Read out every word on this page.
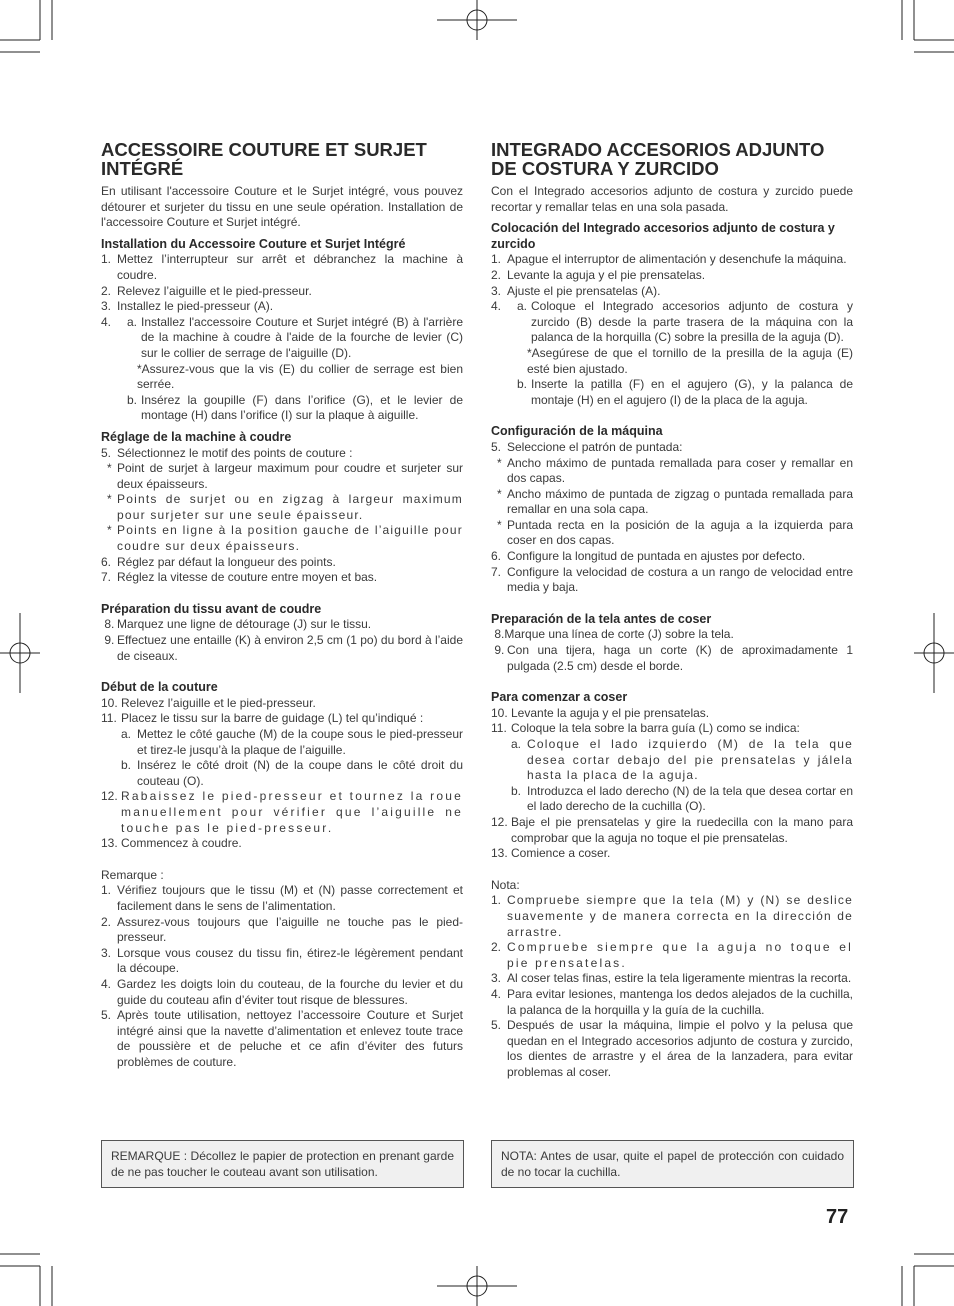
ACCESSOIRE COUTURE ET SURJET INTÉGRÉ

En utilisant l'accessoire Couture et le Surjet intégré, vous pouvez détourer et surjeter du tissu en une seule opération. Installation de l'accessoire Couture et Surjet intégré.

Installation du Accessoire Couture et Surjet Intégré
1. Mettez l’interrupteur sur arrêt et débranchez la machine à coudre.
2. Relevez l’aiguille et le pied-presseur.
3. Installez le pied-presseur (A).
4.	a. Installez l'accessoire Couture et Surjet intégré (B) à l'arrière de la machine à coudre à l'aide de la fourche de levier (C) sur le collier de serrage de l'aiguille (D).
*Assurez-vous que la vis (E) du collier de serrage est bien serrée.
b. Insérez la goupille (F) dans l’orifice (G), et le levier de montage (H) dans l’orifice (I) sur la plaque à aiguille.
Réglage de la machine à coudre
5. Sélectionnez le motif des points de couture :
* Point de surjet à largeur maximum pour coudre et surjeter sur deux épaisseurs.
* Points de surjet ou en zigzag à largeur maximum pour surjeter sur une seule épaisseur.
* Points en ligne à la position gauche de l’aiguille pour coudre sur deux épaisseurs.
6. Réglez par défaut la longueur des points.
7. Réglez la vitesse de couture entre moyen et bas.
Préparation du tissu avant de coudre
8. Marquez une ligne de détourage (J) sur le tissu.
9. Effectuez une entaille (K) à environ 2,5 cm (1 po) du bord à l’aide de ciseaux.
Début de la couture
10. Relevez l’aiguille et le pied-presseur.
11. Placez le tissu sur la barre de guidage (L) tel qu’indiqué :
a. Mettez le côté gauche (M) de la coupe sous le pied-presseur et tirez-le jusqu’à la plaque de l’aiguille.
b. Insérez le côté droit (N) de la coupe dans le côté droit du couteau (O).
12. Rabaissez le pied-presseur et tournez la roue manuellement pour vérifier que l’aiguille ne touche pas le pied-presseur.
13. Commencez à coudre.

Remarque :

1. Vérifiez toujours que le tissu (M) et (N) passe correctement et facilement dans le sens de l’alimentation.
2. Assurez-vous toujours que l’aiguille ne touche pas le pied-presseur.
3. Lorsque vous cousez du tissu fin, étirez-le légèrement pendant la découpe.
4. Gardez les doigts loin du couteau, de la fourche du levier et du guide du couteau afin d’éviter tout risque de blessures.
5. Après toute utilisation, nettoyez l’accessoire Couture et Surjet intégré ainsi que la navette d’alimentation et enlevez toute trace de poussière et de peluche et ce afin d’éviter des futurs problèmes de couture.
INTEGRADO ACCESORIOS ADJUNTO DE COSTURA Y ZURCIDO

Con el Integrado accesorios adjunto de costura y zurcido puede recortar y remallar telas en una sola pasada.

Colocación del Integrado accesorios adjunto de costura y zurcido
1. Apague el interruptor de alimentación y desenchufe la máquina.
2. Levante la aguja y el pie prensatelas.
3. Ajuste el pie prensatelas (A).
4.	a. Coloque el Integrado accesorios adjunto de costura y zurcido (B) desde la parte trasera de la máquina con la palanca de la horquilla (C) sobre la presilla de la aguja (D).
*Asegúrese de que el tornillo de la presilla de la aguja (E) esté bien ajustado.
b. Inserte la patilla (F) en el agujero (G), y la palanca de montaje (H) en el agujero (I) de la placa de la aguja.
Configuración de la máquina
5. Seleccione el patrón de puntada:
* Ancho máximo de puntada remallada para coser y remallar en dos capas.
* Ancho máximo de puntada de zigzag o puntada remallada para remallar en una sola capa.
* Puntada recta en la posición de la aguja a la izquierda para coser en dos capas.
6. Configure la longitud de puntada en ajustes por defecto.
7. Configure la velocidad de costura a un rango de velocidad entre media y baja.
Preparación de la tela antes de coser
8. Marque una línea de corte (J) sobre la tela.
9. Con una tijera, haga un corte (K) de aproximadamente 1 pulgada (2.5 cm) desde el borde.
Para comenzar a coser
10. Levante la aguja y el pie prensatelas.
11. Coloque la tela sobre la barra guía (L) como se indica:
a. Coloque el lado izquierdo (M) de la tela que desea cortar debajo del pie prensatelas y jálela hasta la placa de la aguja.
b. Introduzca el lado derecho (N) de la tela que desea cortar en el lado derecho de la cuchilla (O).
12. Baje el pie prensatelas y gire la ruedecilla con la mano para comprobar que la aguja no toque el pie prensatelas.
13. Comience a coser.

Nota:

1. Compruebe siempre que la tela (M) y (N) se deslice suavemente y de manera correcta en la dirección de arrastre.
2. Compruebe siempre que la aguja no toque el pie prensatelas.
3. Al coser telas finas, estire la tela ligeramente mientras la recorta.
4. Para evitar lesiones, mantenga los dedos alejados de la cuchilla, la palanca de la horquilla y la guía de la cuchilla.
5. Después de usar la máquina, limpie el polvo y la pelusa que quedan en el Integrado accesorios adjunto de costura y zurcido, los dientes de arrastre y el área de la lanzadera, para evitar problemas al coser.
REMARQUE : Décollez le papier de protection en prenant garde de ne pas toucher le couteau avant son utilisation.
NOTA: Antes de usar, quite el papel de protección con cuidado de no tocar la cuchilla.
77
